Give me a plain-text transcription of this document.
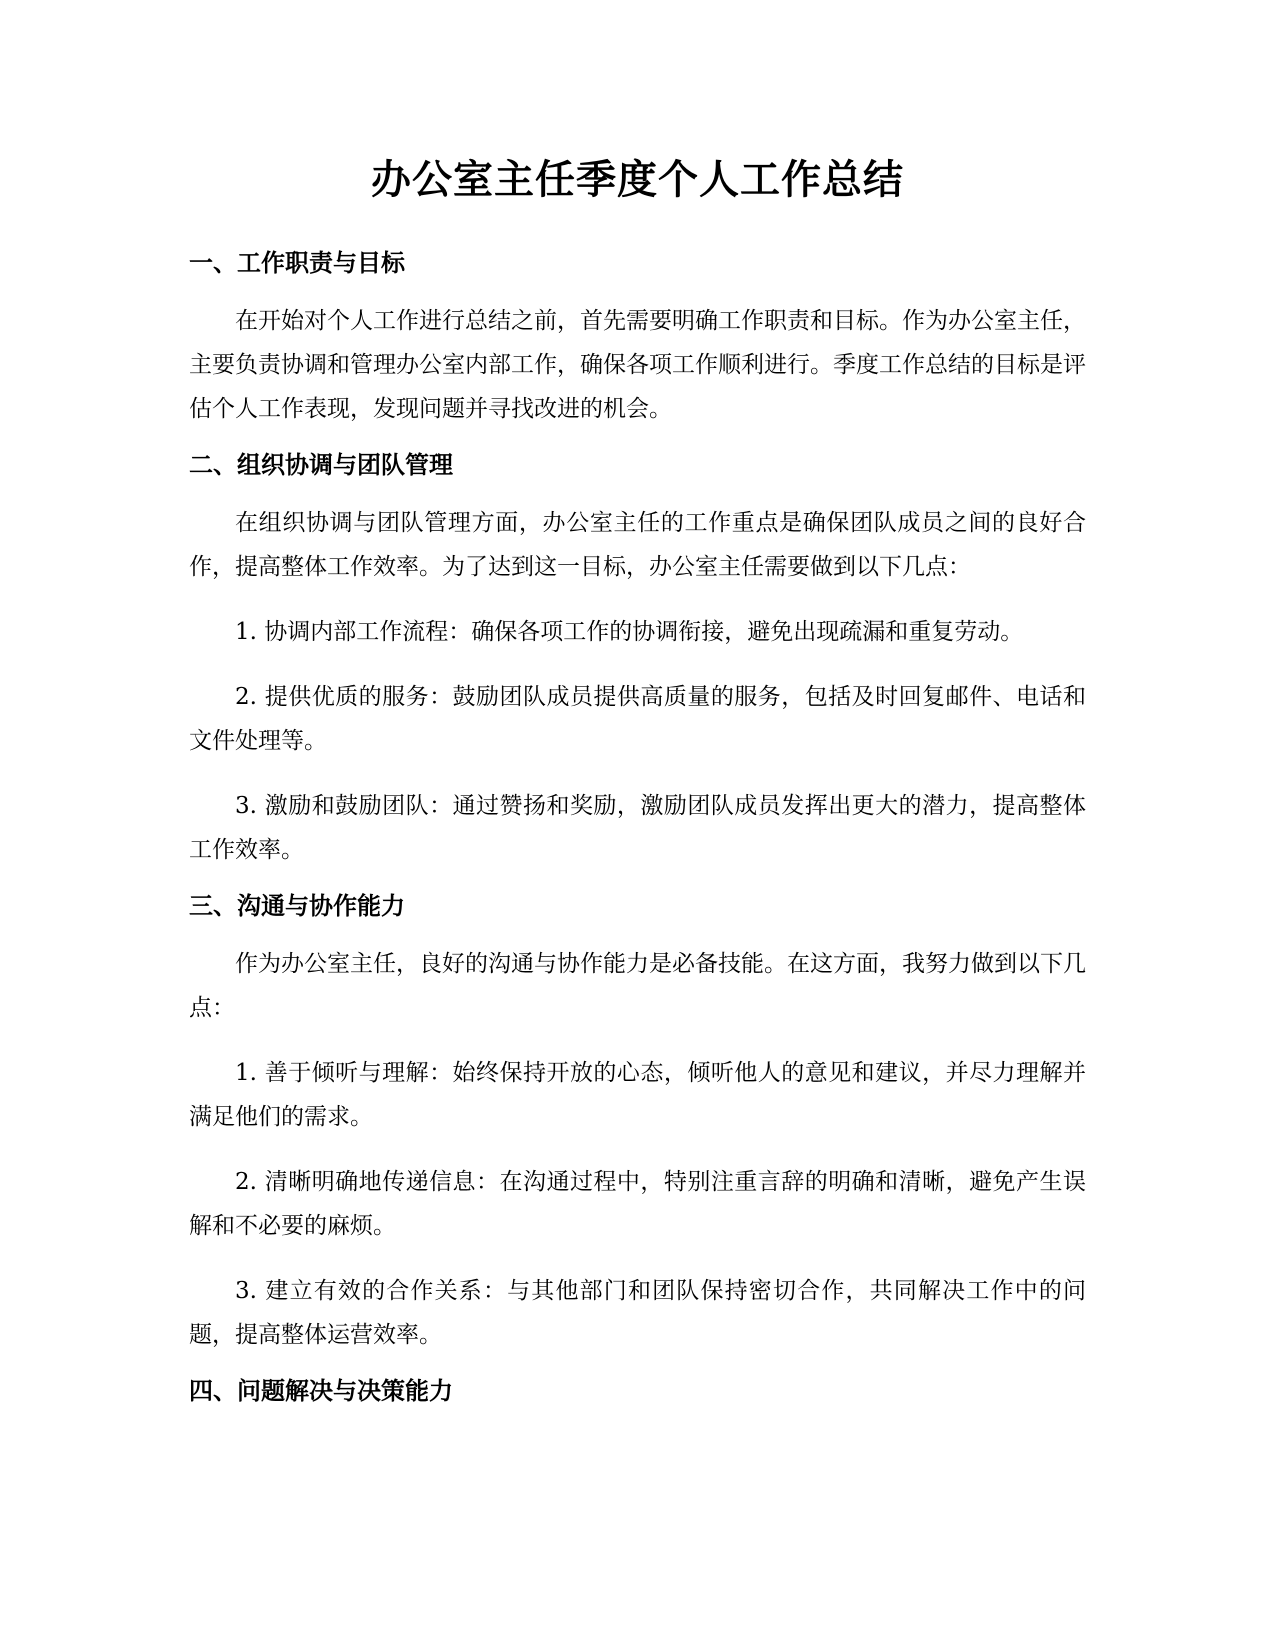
办公室主任季度个人工作总结
一、工作职责与目标

在开始对个人工作进行总结之前，首先需要明确工作职责和目标。作为办公室主任，主要负责协调和管理办公室内部工作，确保各项工作顺利进行。季度工作总结的目标是评估个人工作表现，发现问题并寻找改进的机会。

二、组织协调与团队管理

在组织协调与团队管理方面，办公室主任的工作重点是确保团队成员之间的良好合作，提高整体工作效率。为了达到这一目标，办公室主任需要做到以下几点：

1. 协调内部工作流程：确保各项工作的协调衔接，避免出现疏漏和重复劳动。

2. 提供优质的服务：鼓励团队成员提供高质量的服务，包括及时回复邮件、电话和文件处理等。

3. 激励和鼓励团队：通过赞扬和奖励，激励团队成员发挥出更大的潜力，提高整体工作效率。

三、沟通与协作能力

作为办公室主任，良好的沟通与协作能力是必备技能。在这方面，我努力做到以下几点：

1. 善于倾听与理解：始终保持开放的心态，倾听他人的意见和建议，并尽力理解并满足他们的需求。

2. 清晰明确地传递信息：在沟通过程中，特别注重言辞的明确和清晰，避免产生误解和不必要的麻烦。

3. 建立有效的合作关系：与其他部门和团队保持密切合作，共同解决工作中的问题，提高整体运营效率。

四、问题解决与决策能力
